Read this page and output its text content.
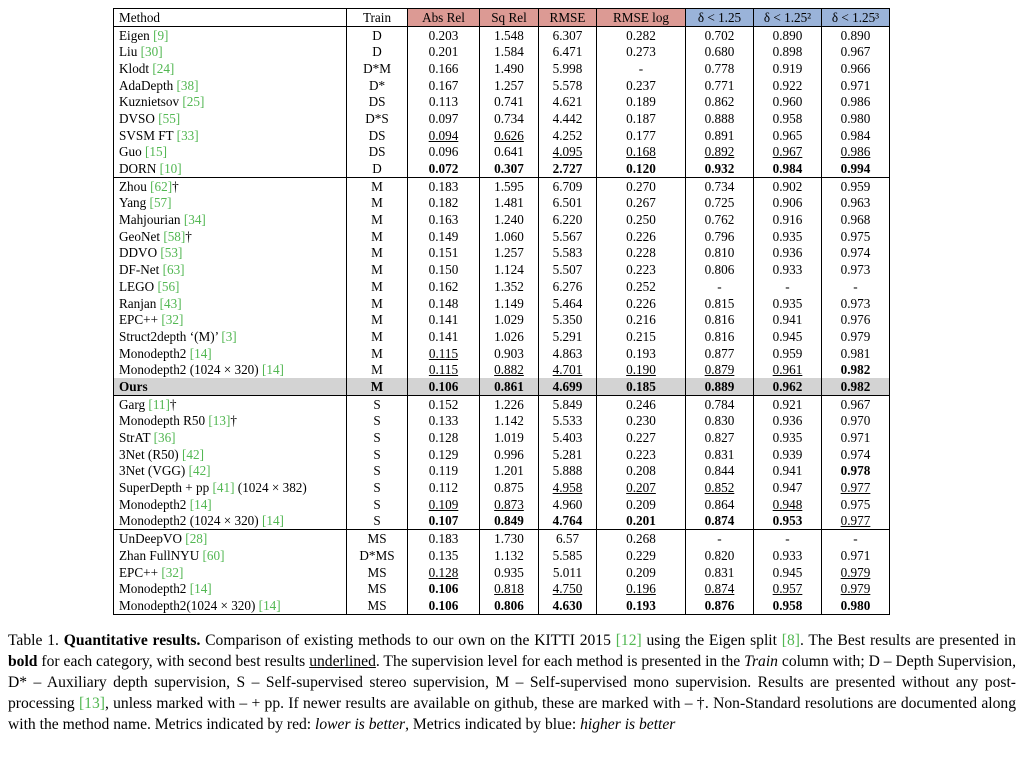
Method	Train	Abs Rel	Sq Rel	RMSE	RMSE log	δ < 1.25	δ < 1.25²	δ < 1.25³
Eigen [9]	D	0.203	1.548	6.307	0.282	0.702	0.890	0.890
Liu [30]	D	0.201	1.584	6.471	0.273	0.680	0.898	0.967
Klodt [24]	D*M	0.166	1.490	5.998	-	0.778	0.919	0.966
AdaDepth [38]	D*	0.167	1.257	5.578	0.237	0.771	0.922	0.971
Kuznietsov [25]	DS	0.113	0.741	4.621	0.189	0.862	0.960	0.986
DVSO [55]	D*S	0.097	0.734	4.442	0.187	0.888	0.958	0.980
SVSM FT [33]	DS	0.094	0.626	4.252	0.177	0.891	0.965	0.984
Guo [15]	DS	0.096	0.641	4.095	0.168	0.892	0.967	0.986
DORN [10]	D	0.072	0.307	2.727	0.120	0.932	0.984	0.994
Zhou [62]†	M	0.183	1.595	6.709	0.270	0.734	0.902	0.959
Yang [57]	M	0.182	1.481	6.501	0.267	0.725	0.906	0.963
Mahjourian [34]	M	0.163	1.240	6.220	0.250	0.762	0.916	0.968
GeoNet [58]†	M	0.149	1.060	5.567	0.226	0.796	0.935	0.975
DDVO [53]	M	0.151	1.257	5.583	0.228	0.810	0.936	0.974
DF-Net [63]	M	0.150	1.124	5.507	0.223	0.806	0.933	0.973
LEGO [56]	M	0.162	1.352	6.276	0.252	-	-	-
Ranjan [43]	M	0.148	1.149	5.464	0.226	0.815	0.935	0.973
EPC++ [32]	M	0.141	1.029	5.350	0.216	0.816	0.941	0.976
Struct2depth ‘(M)’ [3]	M	0.141	1.026	5.291	0.215	0.816	0.945	0.979
Monodepth2 [14]	M	0.115	0.903	4.863	0.193	0.877	0.959	0.981
Monodepth2 (1024 × 320) [14]	M	0.115	0.882	4.701	0.190	0.879	0.961	0.982
Ours	M	0.106	0.861	4.699	0.185	0.889	0.962	0.982
Garg [11]†	S	0.152	1.226	5.849	0.246	0.784	0.921	0.967
Monodepth R50 [13]†	S	0.133	1.142	5.533	0.230	0.830	0.936	0.970
StrAT [36]	S	0.128	1.019	5.403	0.227	0.827	0.935	0.971
3Net (R50) [42]	S	0.129	0.996	5.281	0.223	0.831	0.939	0.974
3Net (VGG) [42]	S	0.119	1.201	5.888	0.208	0.844	0.941	0.978
SuperDepth + pp [41] (1024 × 382)	S	0.112	0.875	4.958	0.207	0.852	0.947	0.977
Monodepth2 [14]	S	0.109	0.873	4.960	0.209	0.864	0.948	0.975
Monodepth2 (1024 × 320) [14]	S	0.107	0.849	4.764	0.201	0.874	0.953	0.977
UnDeepVO [28]	MS	0.183	1.730	6.57	0.268	-	-	-
Zhan FullNYU [60]	D*MS	0.135	1.132	5.585	0.229	0.820	0.933	0.971
EPC++ [32]	MS	0.128	0.935	5.011	0.209	0.831	0.945	0.979
Monodepth2 [14]	MS	0.106	0.818	4.750	0.196	0.874	0.957	0.979
Monodepth2(1024 × 320) [14]	MS	0.106	0.806	4.630	0.193	0.876	0.958	0.980

Table 1. Quantitative results. Comparison of existing methods to our own on the KITTI 2015 [12] using the Eigen split [8]. The Best results are presented in bold for each category, with second best results underlined. The supervision level for each method is presented in the Train column with; D – Depth Supervision, D* – Auxiliary depth supervision, S – Self-supervised stereo supervision, M – Self-supervised mono supervision. Results are presented without any post-processing [13], unless marked with – + pp. If newer results are available on github, these are marked with – †. Non-Standard resolutions are documented along with the method name. Metrics indicated by red: lower is better, Metrics indicated by blue: higher is better
